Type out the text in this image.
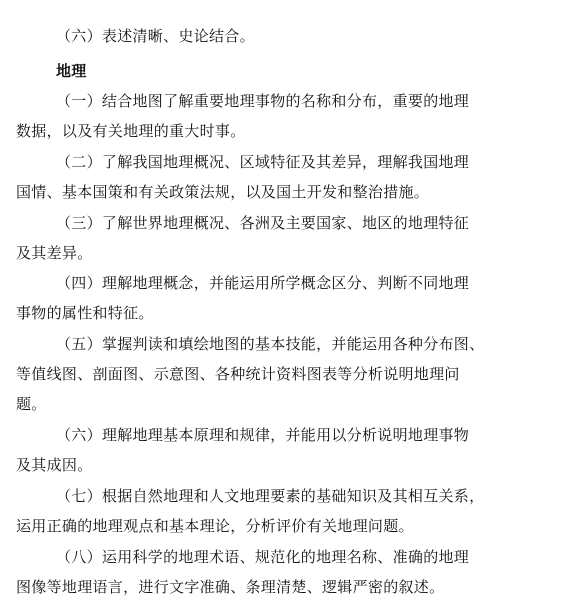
（六）表述清晰、史论结合。
地理
（一）结合地图了解重要地理事物的名称和分布，重要的地理
数据，以及有关地理的重大时事。
（二）了解我国地理概况、区域特征及其差异，理解我国地理
国情、基本国策和有关政策法规，以及国土开发和整治措施。
（三）了解世界地理概况、各洲及主要国家、地区的地理特征
及其差异。
（四）理解地理概念，并能运用所学概念区分、判断不同地理
事物的属性和特征。
（五）掌握判读和填绘地图的基本技能，并能运用各种分布图、
等值线图、剖面图、示意图、各种统计资料图表等分析说明地理问
题。
（六）理解地理基本原理和规律，并能用以分析说明地理事物
及其成因。
（七）根据自然地理和人文地理要素的基础知识及其相互关系，
运用正确的地理观点和基本理论，分析评价有关地理问题。
（八）运用科学的地理术语、规范化的地理名称、准确的地理
图像等地理语言，进行文字准确、条理清楚、逻辑严密的叙述。
